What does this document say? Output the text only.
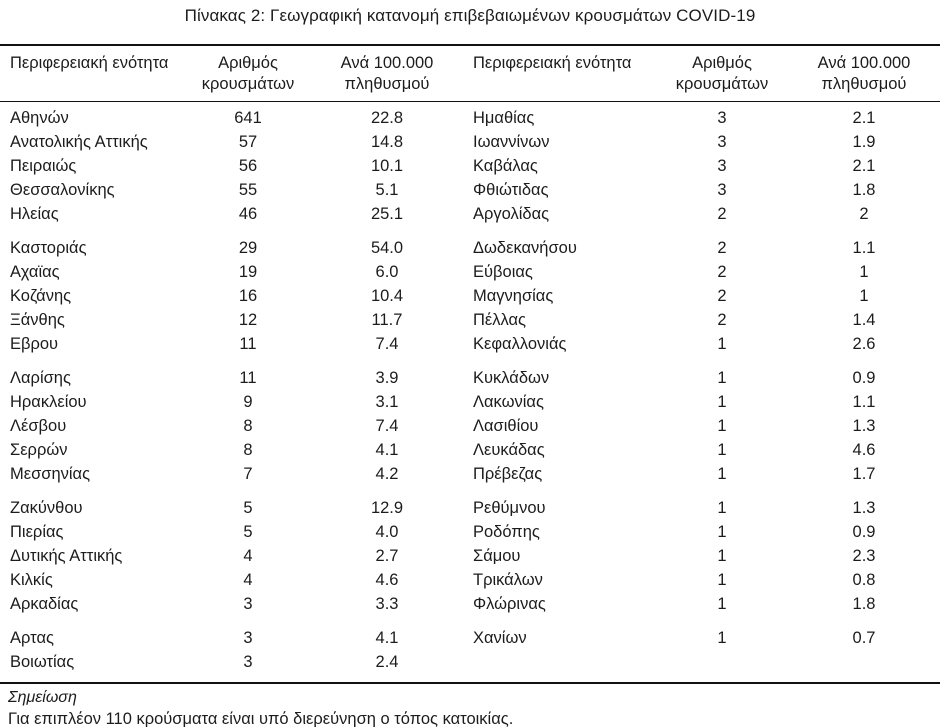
Πίνακας 2: Γεωγραφική κατανομή επιβεβαιωμένων κρουσμάτων COVID-19
Περιφερειακή ενότητα	Αριθμός κρουσμάτων	Ανά 100.000 πληθυσμού	Περιφερειακή ενότητα	Αριθμός κρουσμάτων	Ανά 100.000 πληθυσμού
Αθηνών	641	22.8	Ημαθίας	3	2.1
Ανατολικής Αττικής	57	14.8	Ιωαννίνων	3	1.9
Πειραιώς	56	10.1	Καβάλας	3	2.1
Θεσσαλονίκης	55	5.1	Φθιώτιδας	3	1.8
Ηλείας	46	25.1	Αργολίδας	2	2
Καστοριάς	29	54.0	Δωδεκανήσου	2	1.1
Αχαϊας	19	6.0	Εύβοιας	2	1
Κοζάνης	16	10.4	Μαγνησίας	2	1
Ξάνθης	12	11.7	Πέλλας	2	1.4
Εβρου	11	7.4	Κεφαλλονιάς	1	2.6
Λαρίσης	11	3.9	Κυκλάδων	1	0.9
Ηρακλείου	9	3.1	Λακωνίας	1	1.1
Λέσβου	8	7.4	Λασιθίου	1	1.3
Σερρών	8	4.1	Λευκάδας	1	4.6
Μεσσηνίας	7	4.2	Πρέβεζας	1	1.7
Ζακύνθου	5	12.9	Ρεθύμνου	1	1.3
Πιερίας	5	4.0	Ροδόπης	1	0.9
Δυτικής Αττικής	4	2.7	Σάμου	1	2.3
Κιλκίς	4	4.6	Τρικάλων	1	0.8
Αρκαδίας	3	3.3	Φλώρινας	1	1.8
Αρτας	3	4.1	Χανίων	1	0.7
Βοιωτίας	3	2.4			
Σημείωση
Για επιπλέον 110 κρούσματα είναι υπό διερεύνηση ο τόπος κατοικίας.
